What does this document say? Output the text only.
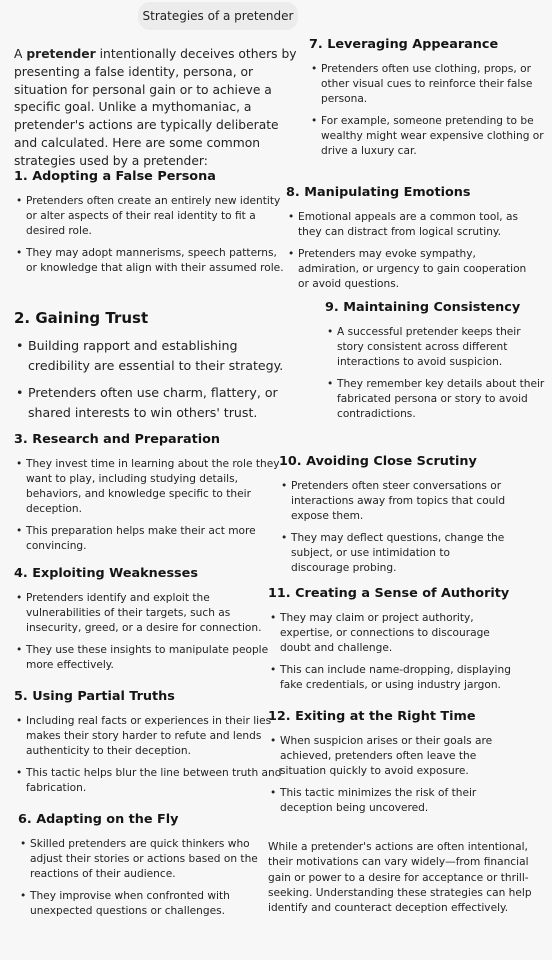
Strategies of a pretender

A pretender intentionally deceives others by presenting a false identity, persona, or situation for personal gain or to achieve a specific goal. Unlike a mythomaniac, a pretender's actions are typically deliberate and calculated. Here are some common strategies used by a pretender:

1. Adopting a False Persona
• Pretenders often create an entirely new identity or alter aspects of their real identity to fit a desired role.
• They may adopt mannerisms, speech patterns, or knowledge that align with their assumed role.
2. Gaining Trust
• Building rapport and establishing credibility are essential to their strategy.
• Pretenders often use charm, flattery, or shared interests to win others' trust.
3. Research and Preparation
• They invest time in learning about the role they want to play, including studying details, behaviors, and knowledge specific to their deception.
• This preparation helps make their act more convincing.
4. Exploiting Weaknesses
• Pretenders identify and exploit the vulnerabilities of their targets, such as insecurity, greed, or a desire for connection.
• They use these insights to manipulate people more effectively.
5. Using Partial Truths
• Including real facts or experiences in their lies makes their story harder to refute and lends authenticity to their deception.
• This tactic helps blur the line between truth and fabrication.
6. Adapting on the Fly
• Skilled pretenders are quick thinkers who adjust their stories or actions based on the reactions of their audience.
• They improvise when confronted with unexpected questions or challenges.
7. Leveraging Appearance
• Pretenders often use clothing, props, or other visual cues to reinforce their false persona.
• For example, someone pretending to be wealthy might wear expensive clothing or drive a luxury car.
8. Manipulating Emotions
• Emotional appeals are a common tool, as they can distract from logical scrutiny.
• Pretenders may evoke sympathy, admiration, or urgency to gain cooperation or avoid questions.
9. Maintaining Consistency
• A successful pretender keeps their story consistent across different interactions to avoid suspicion.
• They remember key details about their fabricated persona or story to avoid contradictions.
10. Avoiding Close Scrutiny
• Pretenders often steer conversations or interactions away from topics that could expose them.
• They may deflect questions, change the subject, or use intimidation to discourage probing.
11. Creating a Sense of Authority
• They may claim or project authority, expertise, or connections to discourage doubt and challenge.
• This can include name-dropping, displaying fake credentials, or using industry jargon.
12. Exiting at the Right Time
• When suspicion arises or their goals are achieved, pretenders often leave the situation quickly to avoid exposure.
• This tactic minimizes the risk of their deception being uncovered.

While a pretender's actions are often intentional, their motivations can vary widely—from financial gain or power to a desire for acceptance or thrill-seeking. Understanding these strategies can help identify and counteract deception effectively.
